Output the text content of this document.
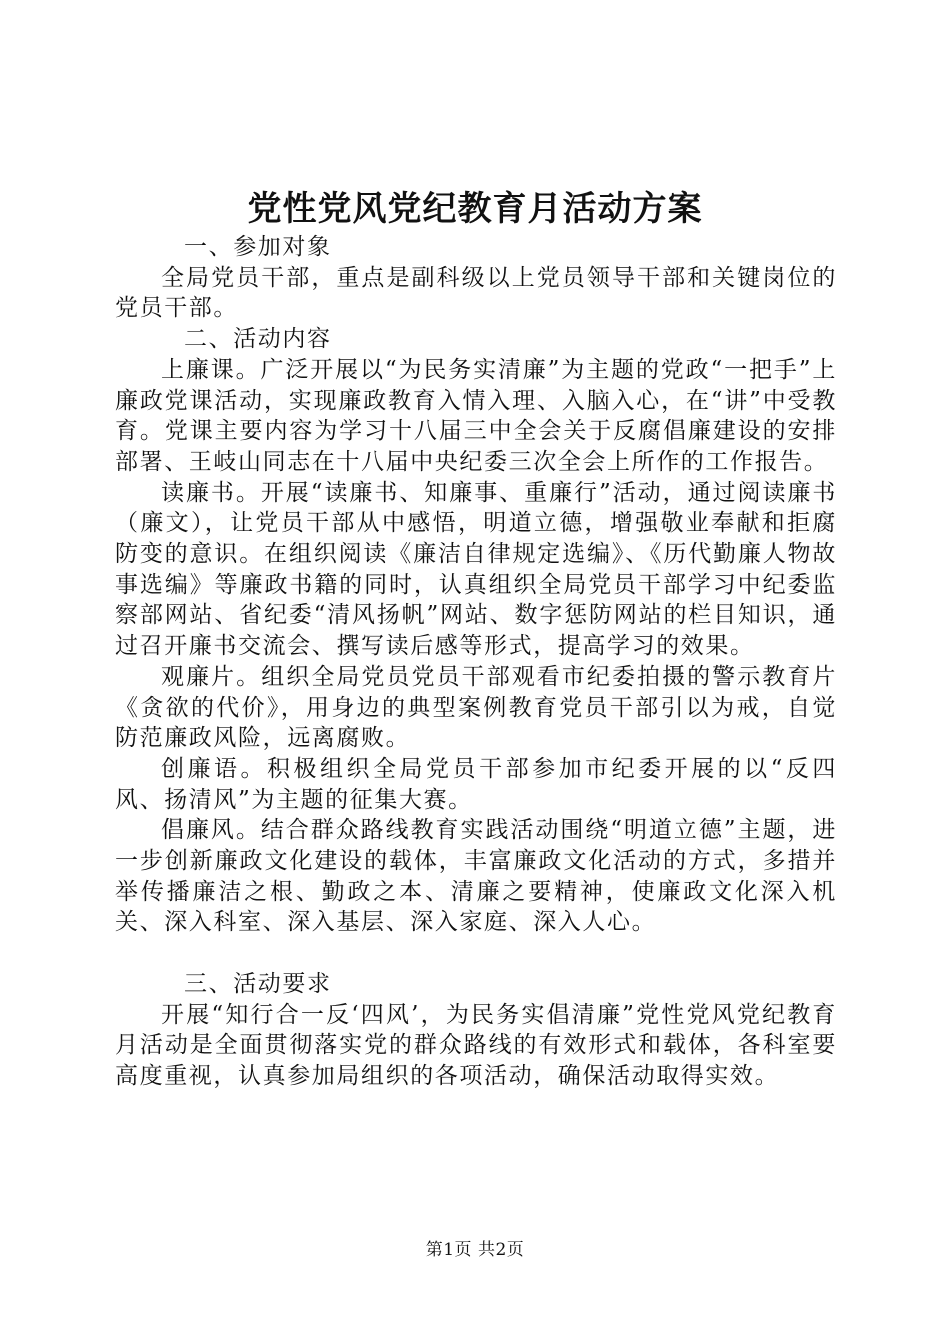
党性党风党纪教育月活动方案

一、参加对象

全局党员干部，重点是副科级以上党员领导干部和关键岗位的党员干部。

二、活动内容

上廉课。广泛开展以“为民务实清廉”为主题的党政“一把手”上廉政党课活动，实现廉政教育入情入理、入脑入心，在“讲”中受教育。党课主要内容为学习十八届三中全会关于反腐倡廉建设的安排部署、王岐山同志在十八届中央纪委三次全会上所作的工作报告。

读廉书。开展“读廉书、知廉事、重廉行”活动，通过阅读廉书（廉文），让党员干部从中感悟，明道立德，增强敬业奉献和拒腐防变的意识。在组织阅读《廉洁自律规定选编》、《历代勤廉人物故事选编》等廉政书籍的同时，认真组织全局党员干部学习中纪委监察部网站、省纪委“清风扬帆”网站、数字惩防网站的栏目知识，通过召开廉书交流会、撰写读后感等形式，提高学习的效果。

观廉片。组织全局党员党员干部观看市纪委拍摄的警示教育片《贪欲的代价》，用身边的典型案例教育党员干部引以为戒，自觉防范廉政风险，远离腐败。

创廉语。积极组织全局党员干部参加市纪委开展的以“反四风、扬清风”为主题的征集大赛。

倡廉风。结合群众路线教育实践活动围绕“明道立德”主题，进一步创新廉政文化建设的载体，丰富廉政文化活动的方式，多措并举传播廉洁之根、勤政之本、清廉之要精神，使廉政文化深入机关、深入科室、深入基层、深入家庭、深入人心。

三、活动要求

开展“知行合一反‘四风’，为民务实倡清廉”党性党风党纪教育月活动是全面贯彻落实党的群众路线的有效形式和载体，各科室要高度重视，认真参加局组织的各项活动，确保活动取得实效。

第1页 共2页
